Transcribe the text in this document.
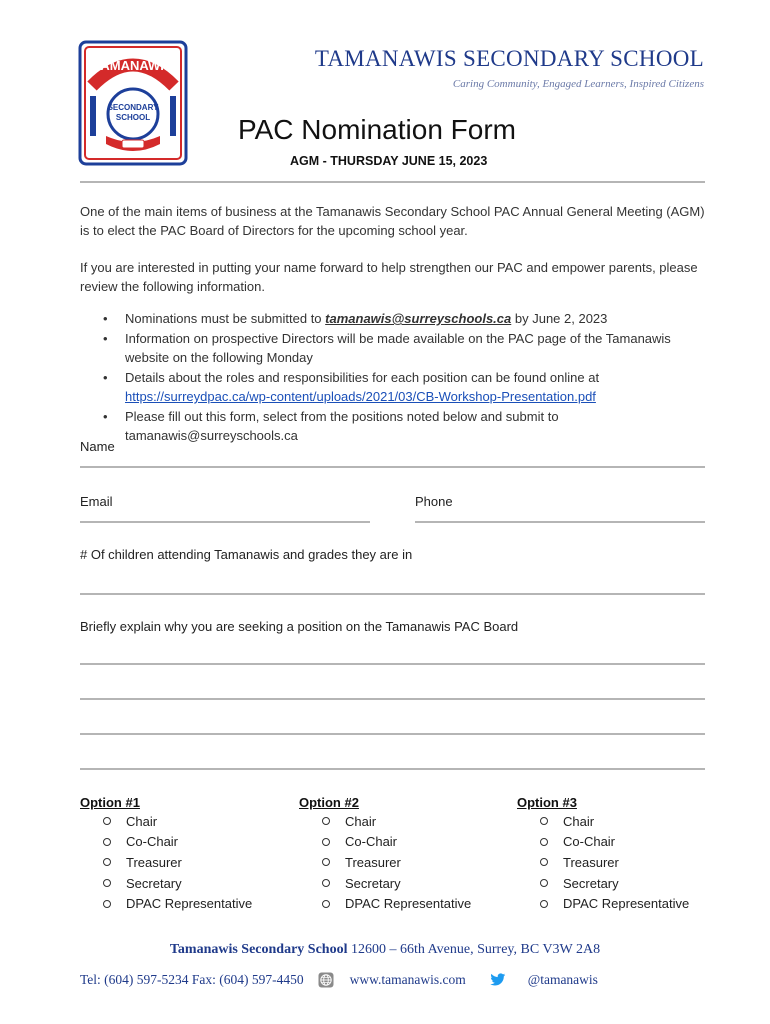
TAMANAWIS
SECONDARY
SCHOOL
TAMANAWIS SECONDARY SCHOOL
Caring Community, Engaged Learners, Inspired Citizens
PAC Nomination Form
AGM - THURSDAY JUNE 15, 2023
One of the main items of business at the Tamanawis Secondary School PAC Annual General Meeting (AGM) is to elect the PAC Board of Directors for the upcoming school year.
If you are interested in putting your name forward to help strengthen our PAC and empower parents, please review the following information.
• Nominations must be submitted to tamanawis@surreyschools.ca by June 2, 2023
• Information on prospective Directors will be made available on the PAC page of the Tamanawis website on the following Monday
• Details about the roles and responsibilities for each position can be found online at https://surreydpac.ca/wp-content/uploads/2021/03/CB-Workshop-Presentation.pdf
• Please fill out this form, select from the positions noted below and submit to tamanawis@surreyschools.ca
Name
Email	Phone
# Of children attending Tamanawis and grades they are in
Briefly explain why you are seeking a position on the Tamanawis PAC Board
Option #1
Chair
Co-Chair
Treasurer
Secretary
DPAC Representative
Option #2
Chair
Co-Chair
Treasurer
Secretary
DPAC Representative
Option #3
Chair
Co-Chair
Treasurer
Secretary
DPAC Representative
Tamanawis Secondary School 12600 – 66th Avenue, Surrey, BC V3W 2A8
Tel: (604) 597-5234 Fax: (604) 597-4450	www.tamanawis.com	@tamanawis
